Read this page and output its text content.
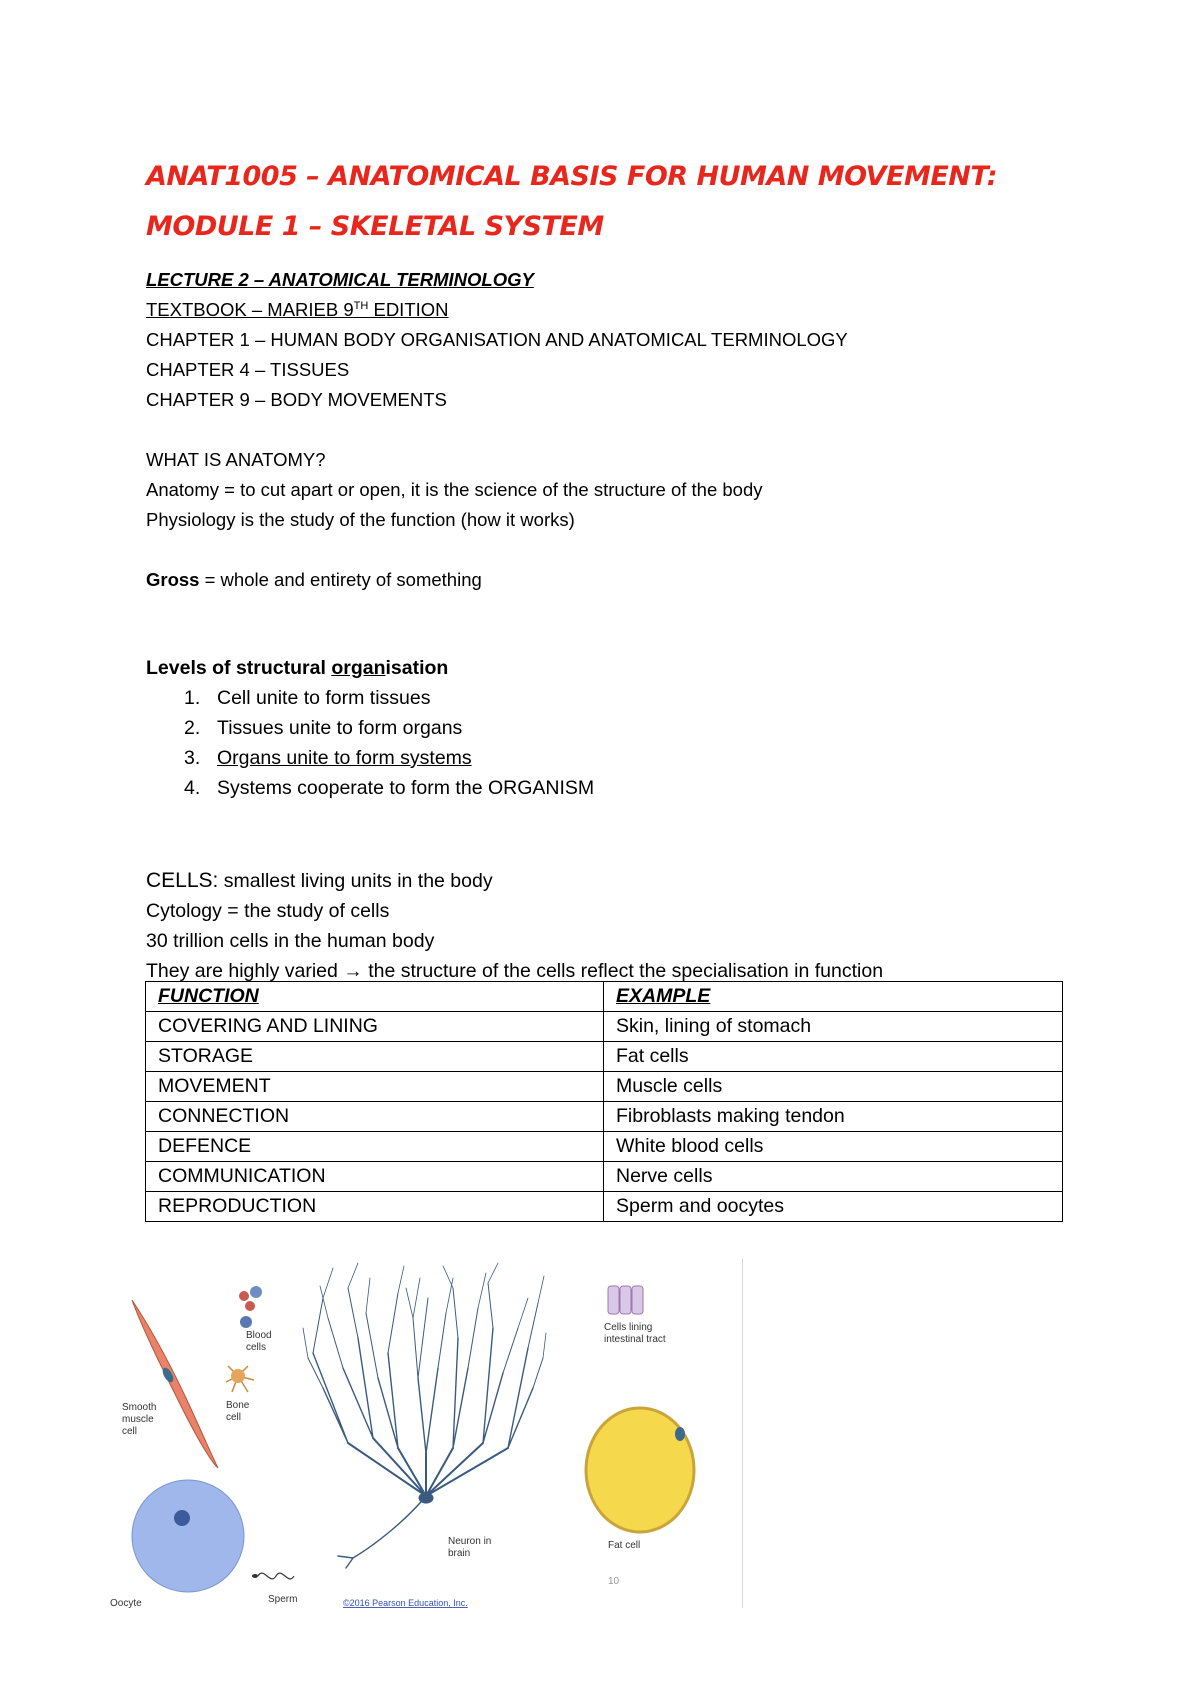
ANAT1005 – ANATOMICAL BASIS FOR HUMAN MOVEMENT:
MODULE 1 – SKELETAL SYSTEM
LECTURE 2 – ANATOMICAL TERMINOLOGY
TEXTBOOK – MARIEB 9TH EDITION
CHAPTER 1 – HUMAN BODY ORGANISATION AND ANATOMICAL TERMINOLOGY
CHAPTER 4 – TISSUES
CHAPTER 9 – BODY MOVEMENTS
WHAT IS ANATOMY?
Anatomy = to cut apart or open, it is the science of the structure of the body
Physiology is the study of the function (how it works)
Gross = whole and entirety of something
Levels of structural organisation
1. Cell unite to form tissues
2. Tissues unite to form organs
3. Organs unite to form systems
4. Systems cooperate to form the ORGANISM
CELLS: smallest living units in the body
Cytology = the study of cells
30 trillion cells in the human body
They are highly varied → the structure of the cells reflect the specialisation in function
FUNCTION	EXAMPLE
COVERING AND LINING	Skin, lining of stomach
STORAGE	Fat cells
MOVEMENT	Muscle cells
CONNECTION	Fibroblasts making tendon
DEFENCE	White blood cells
COMMUNICATION	Nerve cells
REPRODUCTION	Sperm and oocytes
Smooth
muscle
cell
Blood
cells
Bone
cell
Oocyte	Sperm
Neuron in
brain
©2016 Pearson Education, Inc.
Cells lining
intestinal tract
Fat cell
10
